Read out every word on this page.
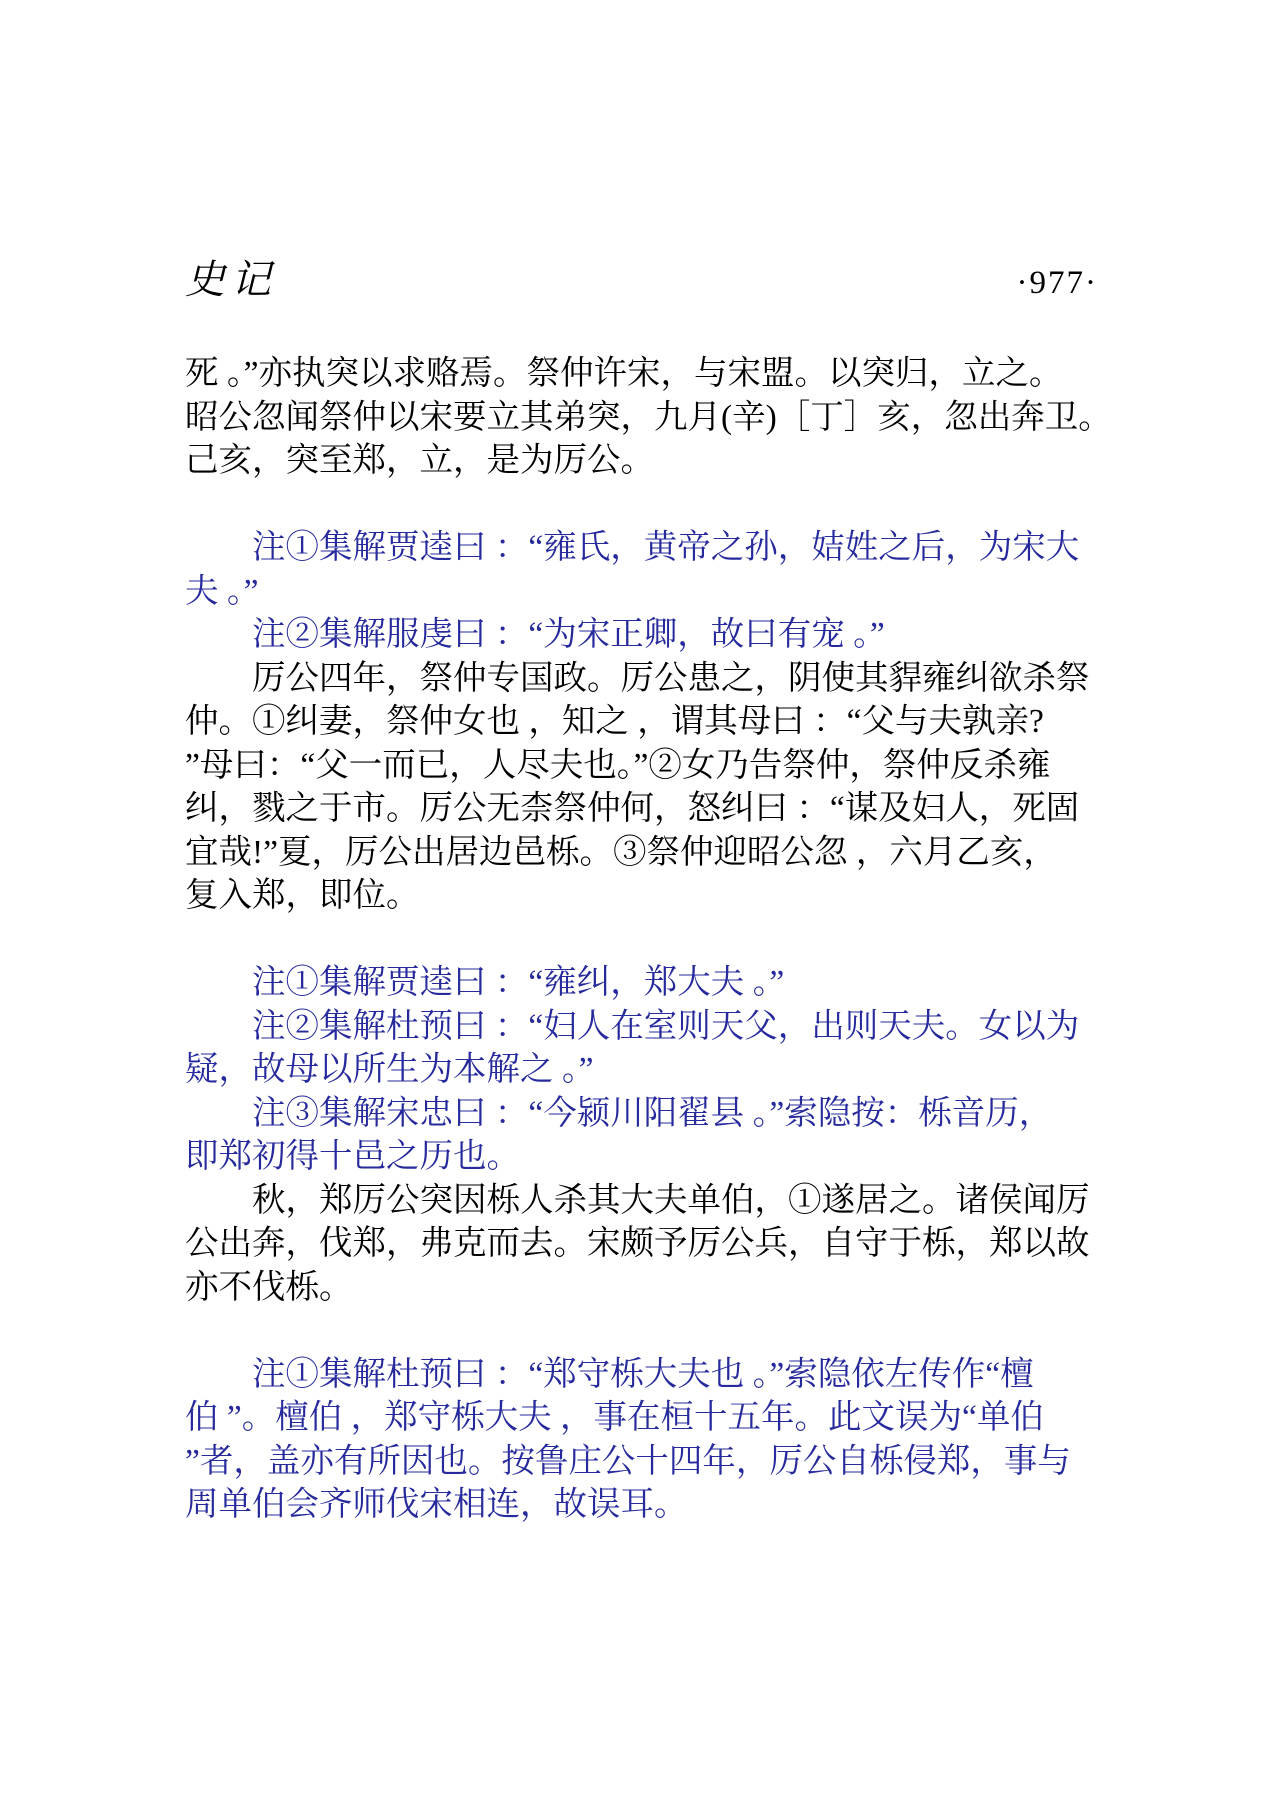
史记	·977·
死 。”亦执突以求赂焉。祭仲许宋，与宋盟。以突归，立之。
昭公忽闻祭仲以宋要立其弟突，九月(辛)［丁］亥，忽出奔卫。
己亥，突至郑，立，是为厉公。
注①集解贾逵曰 ：“雍氏，黄帝之孙，姞姓之后，为宋大
夫 。”
注②集解服虔曰 ：“为宋正卿，故曰有宠 。”
厉公四年，祭仲专国政。厉公患之，阴使其貋雍纠欲杀祭
仲。①纠妻，祭仲女也 ，知之 ，谓其母曰 ：“父与夫孰亲?
”母曰：“父一而已，人尽夫也。”②女乃告祭仲，祭仲反杀雍
纠，戮之于市。厉公无柰祭仲何，怒纠曰 ：“谋及妇人，死固
宜哉!”夏，厉公出居边邑栎。③祭仲迎昭公忽 ，六月乙亥，
复入郑，即位。
注①集解贾逵曰 ：“雍纠，郑大夫 。”
注②集解杜预曰 ：“妇人在室则天父，出则天夫。女以为
疑，故母以所生为本解之 。”
注③集解宋忠曰 ：“今颍川阳翟县 。”索隐按：栎音历，
即郑初得十邑之历也。
秋，郑厉公突因栎人杀其大夫单伯，①遂居之。诸侯闻厉
公出奔，伐郑，弗克而去。宋颇予厉公兵，自守于栎，郑以故
亦不伐栎。
注①集解杜预曰 ：“郑守栎大夫也 。”索隐依左传作“檀
伯 ”。檀伯 ，郑守栎大夫 ，事在桓十五年。此文误为“单伯
”者，盖亦有所因也。按鲁庄公十四年，厉公自栎侵郑，事与
周单伯会齐师伐宋相连，故误耳。
